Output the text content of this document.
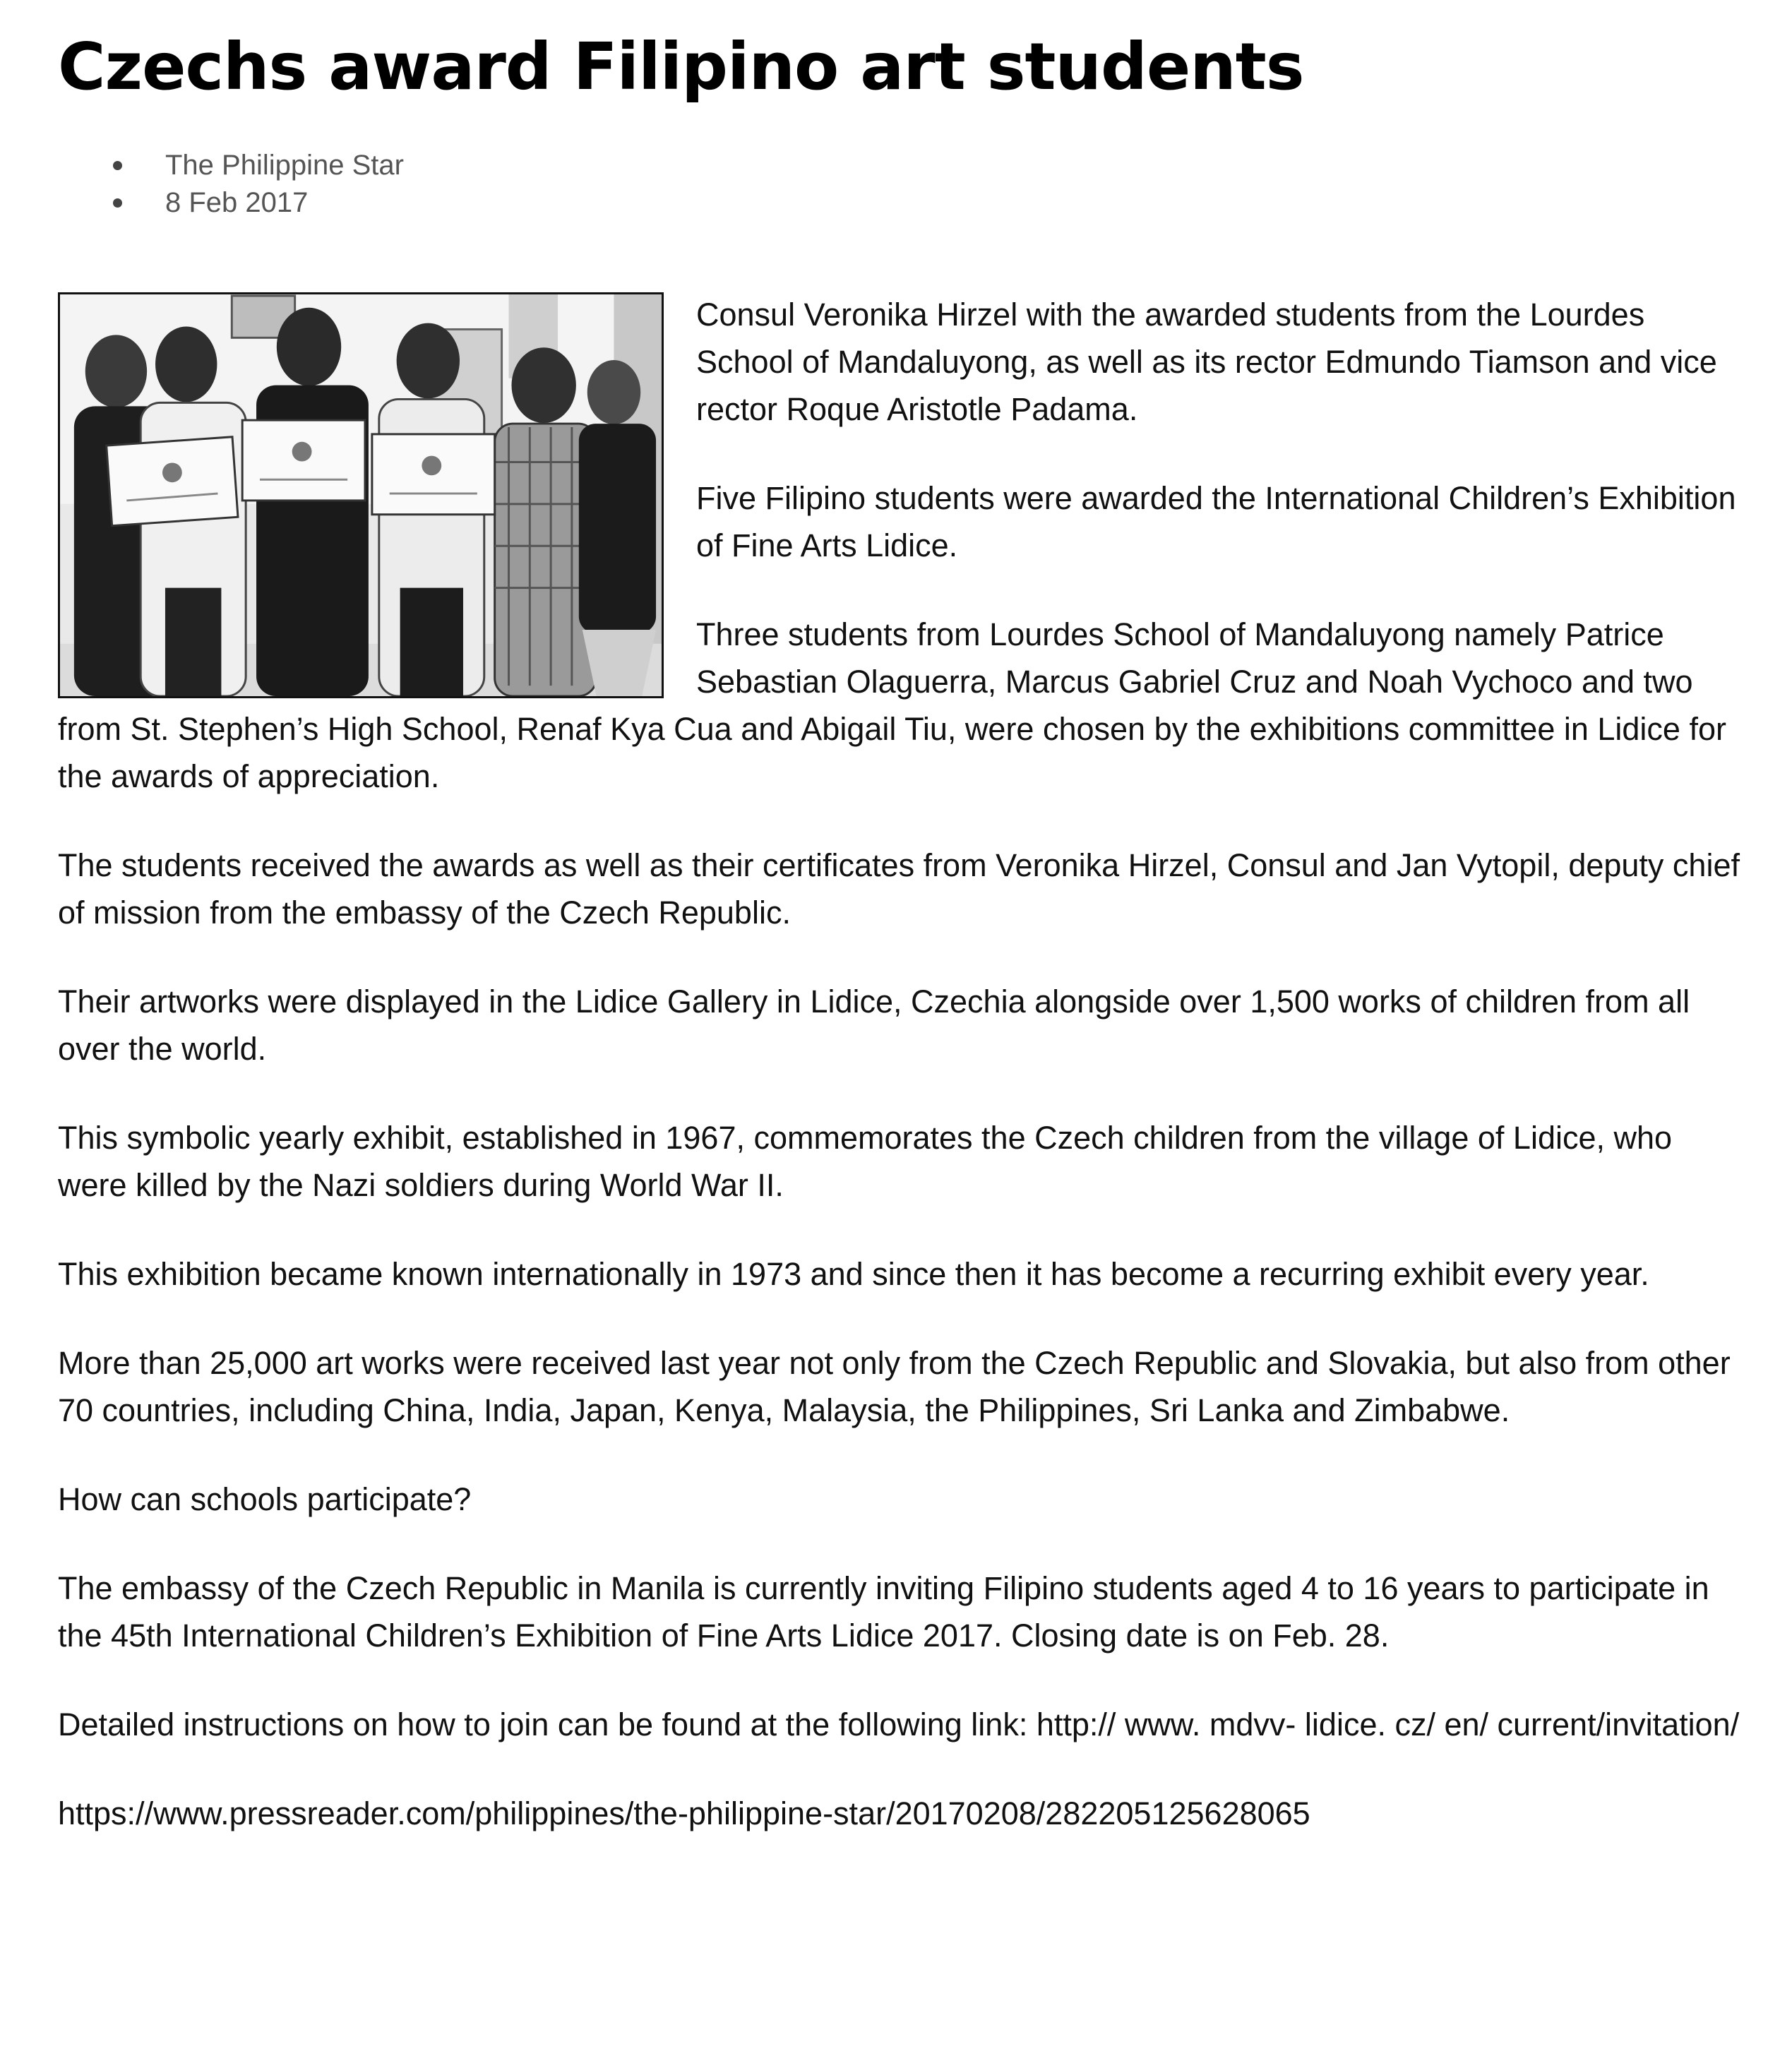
Czechs award Filipino art students
The Philippine Star
8 Feb 2017

Consul Veronika Hirzel with the awarded students from the Lourdes School of Mandaluyong, as well as its rector Edmundo Tiamson and vice rector Roque Aristotle Padama.

Five Filipino students were awarded the International Children’s Exhibition of Fine Arts Lidice.

Three students from Lourdes School of Mandaluyong namely Patrice Sebastian Olaguerra, Marcus Gabriel Cruz and Noah Vychoco and two from St. Stephen’s High School, Renaf Kya Cua and Abigail Tiu, were chosen by the exhibitions committee in Lidice for the awards of appreciation.

The students received the awards as well as their certificates from Veronika Hirzel, Consul and Jan Vytopil, deputy chief of mission from the embassy of the Czech Republic.

Their artworks were displayed in the Lidice Gallery in Lidice, Czechia alongside over 1,500 works of children from all over the world.

This symbolic yearly exhibit, established in 1967, commemorates the Czech children from the village of Lidice, who were killed by the Nazi soldiers during World War II.

This exhibition became known internationally in 1973 and since then it has become a recurring exhibit every year.

More than 25,000 art works were received last year not only from the Czech Republic and Slovakia, but also from other 70 countries, including China, India, Japan, Kenya, Malaysia, the Philippines, Sri Lanka and Zimbabwe.

How can schools participate?

The embassy of the Czech Republic in Manila is currently inviting Filipino students aged 4 to 16 years to participate in the 45th International Children’s Exhibition of Fine Arts Lidice 2017. Closing date is on Feb. 28.

Detailed instructions on how to join can be found at the following link: http:// www. mdvv- lidice. cz/ en/ current/invitation/

https://www.pressreader.com/philippines/the-philippine-star/20170208/282205125628065
